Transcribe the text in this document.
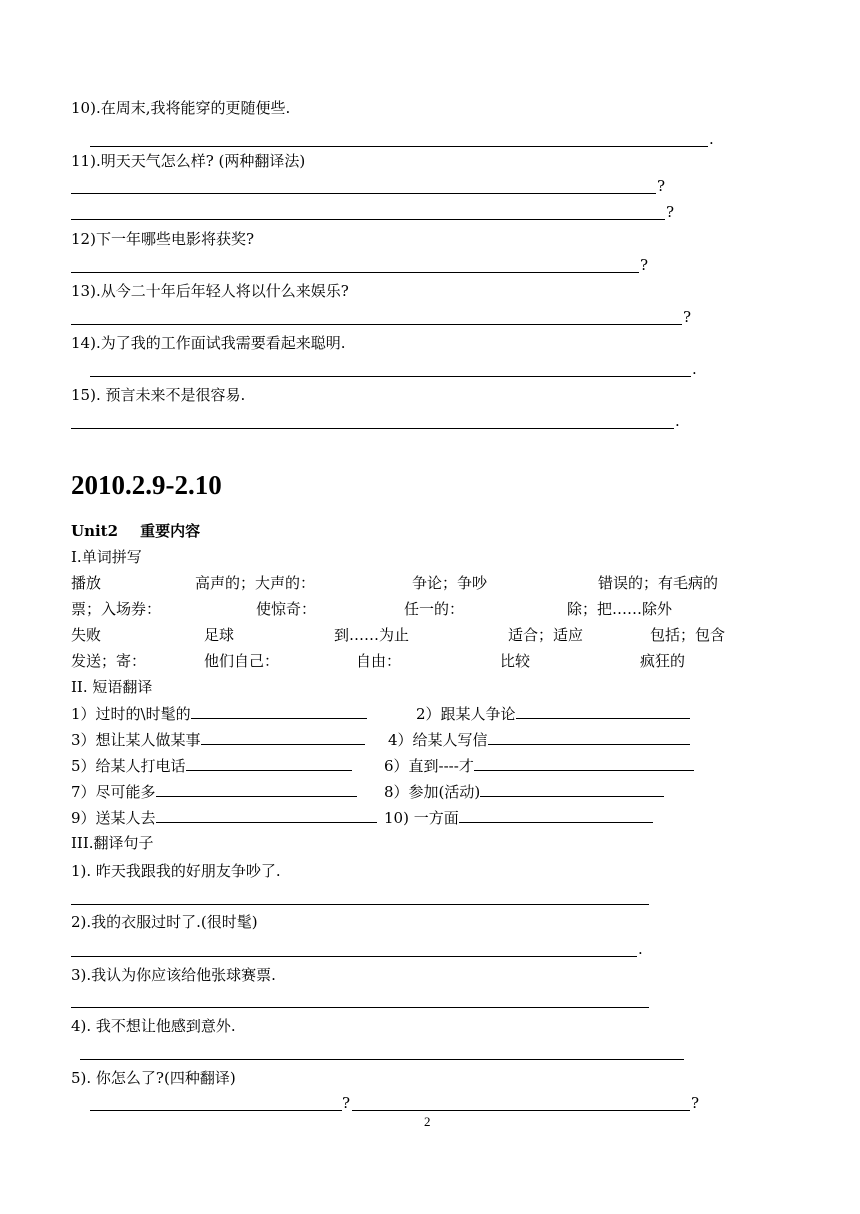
10).在周末,我将能穿的更随便些.
.
11).明天天气怎么样? (两种翻译法)
?
?
12)下一年哪些电影将获奖?
?
13).从今二十年后年轻人将以什么来娱乐?
?
14).为了我的工作面试我需要看起来聪明.
.
15). 预言未来不是很容易.
.
2010.2.9-2.10
Unit2 重要内容
I.单词拼写
播放	高声的；大声的：	争论；争吵	错误的；有毛病的
票；入场券：	使惊奇：	任一的：	除；把……除外
失败	足球	到……为止	适合；适应	包括；包含
发送；寄：	他们自己：	自由：	比较	疯狂的
II. 短语翻译
1）过时的\时髦的	2）跟某人争论
3）想让某人做某事	4）给某人写信
5）给某人打电话	6）直到----才
7）尽可能多	8）参加(活动)
9）送某人去	10) 一方面
III.翻译句子
1). 昨天我跟我的好朋友争吵了.
2).我的衣服过时了.(很时髦)
.
3).我认为你应该给他张球赛票.
4). 我不想让他感到意外.
5). 你怎么了?(四种翻译)
?	?
2
